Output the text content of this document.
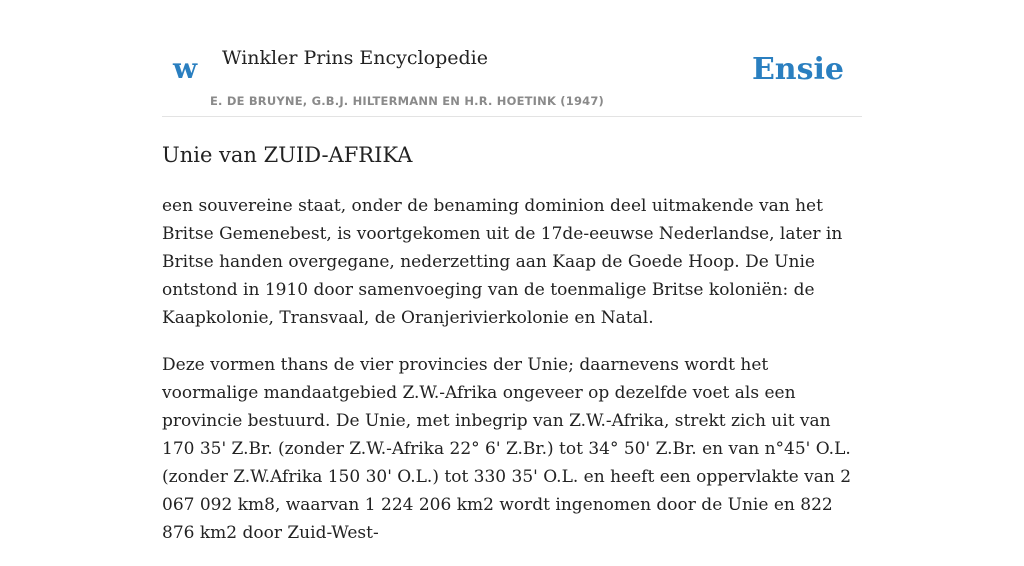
w Winkler Prins Encyclopedie
E. DE BRUYNE, G.B.J. HILTERMANN EN H.R. HOETINK (1947)
Ensie
Unie van ZUID-AFRIKA

een souvereine staat, onder de benaming dominion deel uitmakende van het Britse Gemenebest, is voortgekomen uit de 17de-eeuwse Nederlandse, later in Britse handen overgegane, nederzetting aan Kaap de Goede Hoop. De Unie ontstond in 1910 door samenvoeging van de toenmalige Britse koloniën: de Kaapkolonie, Transvaal, de Oranjerivierkolonie en Natal.

Deze vormen thans de vier provincies der Unie; daarnevens wordt het voormalige mandaatgebied Z.W.-Afrika ongeveer op dezelfde voet als een provincie bestuurd. De Unie, met inbegrip van Z.W.-Afrika, strekt zich uit van 170 35' Z.Br. (zonder Z.W.-Afrika 22° 6' Z.Br.) tot 34° 50' Z.Br. en van n°45' O.L. (zonder Z.W.Afrika 150 30' O.L.) tot 330 35' O.L. en heeft een oppervlakte van 2 067 092 km8, waarvan 1 224 206 km2 wordt ingenomen door de Unie en 822 876 km2 door Zuid-West-
